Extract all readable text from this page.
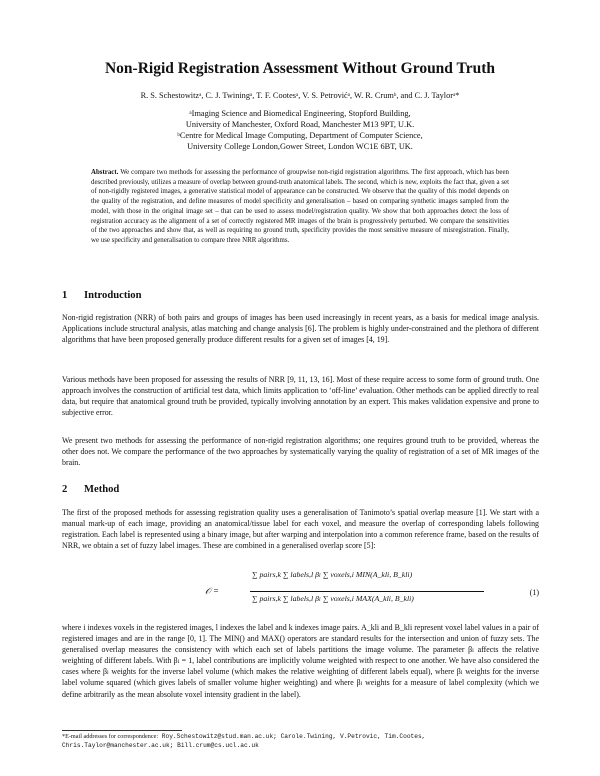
Non-Rigid Registration Assessment Without Ground Truth
R. S. Schestowitzᵃ, C. J. Twiningᵃ, T. F. Cootesᵃ, V. S. Petrovićᵃ, W. R. Crumᵇ, and C. J. Taylorᵃ*
ᵃImaging Science and Biomedical Engineering, Stopford Building,
University of Manchester, Oxford Road, Manchester M13 9PT, U.K.
ᵇCentre for Medical Image Computing, Department of Computer Science,
University College London,Gower Street, London WC1E 6BT, UK.
Abstract. We compare two methods for assessing the performance of groupwise non-rigid registration algorithms. The first approach, which has been described previously, utilizes a measure of overlap between ground-truth anatomical labels. The second, which is new, exploits the fact that, given a set of non-rigidly registered images, a generative statistical model of appearance can be constructed. We observe that the quality of this model depends on the quality of the registration, and define measures of model specificity and generalisation – based on comparing synthetic images sampled from the model, with those in the original image set – that can be used to assess model/registration quality. We show that both approaches detect the loss of registration accuracy as the alignment of a set of correctly registered MR images of the brain is progressively perturbed. We compare the sensitivities of the two approaches and show that, as well as requiring no ground truth, specificity provides the most sensitive measure of misregistration. Finally, we use specificity and generalisation to compare three NRR algorithms.
1 Introduction
Non-rigid registration (NRR) of both pairs and groups of images has been used increasingly in recent years, as a basis for medical image analysis. Applications include structural analysis, atlas matching and change analysis [6]. The problem is highly under-constrained and the plethora of different algorithms that have been proposed generally produce different results for a given set of images [4, 19].
Various methods have been proposed for assessing the results of NRR [9, 11, 13, 16]. Most of these require access to some form of ground truth. One approach involves the construction of artificial test data, which limits application to ‘off-line’ evaluation. Other methods can be applied directly to real data, but require that anatomical ground truth be provided, typically involving annotation by an expert. This makes validation expensive and prone to subjective error.
We present two methods for assessing the performance of non-rigid registration algorithms; one requires ground truth to be provided, whereas the other does not. We compare the performance of the two approaches by systematically varying the quality of registration of a set of MR images of the brain.
2 Method
The first of the proposed methods for assessing registration quality uses a generalisation of Tanimoto’s spatial overlap measure [1]. We start with a manual mark-up of each image, providing an anatomical/tissue label for each voxel, and measure the overlap of corresponding labels following registration. Each label is represented using a binary image, but after warping and interpolation into a common reference frame, based on the results of NRR, we obtain a set of fuzzy label images. These are combined in a generalised overlap score [5]:
𝒪 =
∑ pairs,k ∑ labels,l βₗ ∑ voxels,i MIN(A_kli, B_kli)
∑ pairs,k ∑ labels,l βₗ ∑ voxels,i MAX(A_kli, B_kli)
(1)
where i indexes voxels in the registered images, l indexes the label and k indexes image pairs. A_kli and B_kli represent voxel label values in a pair of registered images and are in the range [0, 1]. The MIN() and MAX() operators are standard results for the intersection and union of fuzzy sets. The generalised overlap measures the consistency with which each set of labels partitions the image volume. The parameter βₗ affects the relative weighting of different labels. With βₗ = 1, label contributions are implicitly volume weighted with respect to one another. We have also considered the cases where βₗ weights for the inverse label volume (which makes the relative weighting of different labels equal), where βₗ weights for the inverse label volume squared (which gives labels of smaller volume higher weighting) and where βₗ weights for a measure of label complexity (which we define arbitrarily as the mean absolute voxel intensity gradient in the label).
*E-mail addresses for correspondence: Roy.Schestowitz@stud.man.ac.uk; Carole.Twining, V.Petrovic, Tim.Cootes, Chris.Taylor@manchester.ac.uk; Bill.crum@cs.ucl.ac.uk
